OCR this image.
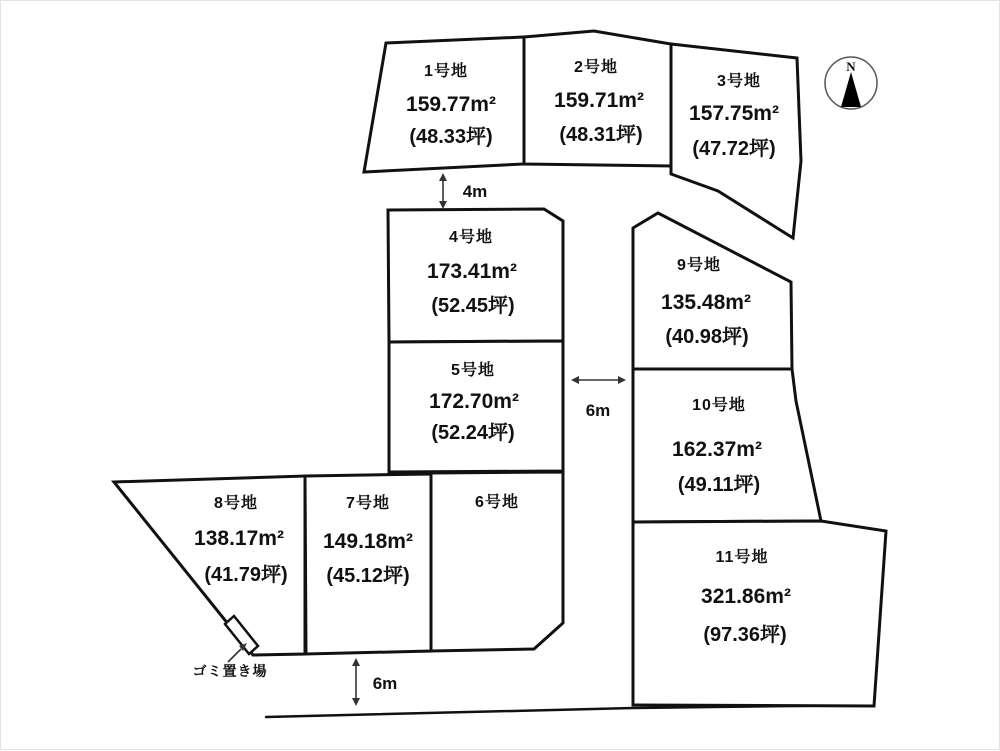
N
1号地
159.77m²
(48.33坪)
2号地
159.71m²
(48.31坪)
3号地
157.75m²
(47.72坪)
4号地
173.41m²
(52.45坪)
5号地
172.70m²
(52.24坪)
6号地
7号地
149.18m²
(45.12坪)
8号地
138.17m²
(41.79坪)
9号地
135.48m²
(40.98坪)
10号地
162.37m²
(49.11坪)
11号地
321.86m²
(97.36坪)
4m
6m
6m
ゴミ置き場
